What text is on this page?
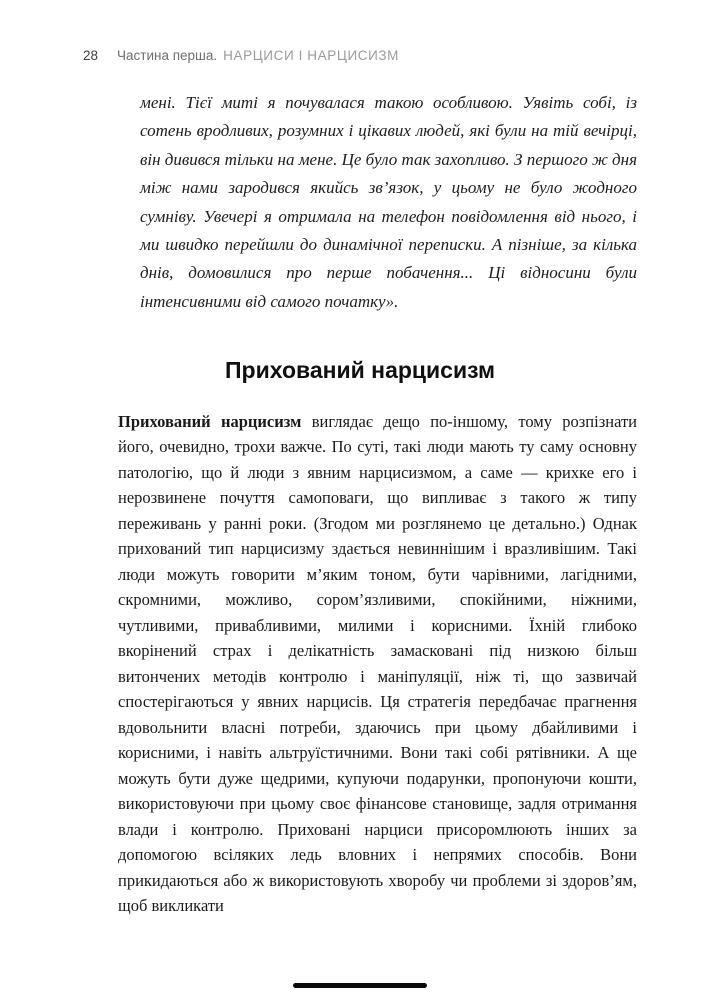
28 Частина перша. НАРЦИСИ І НАРЦИСИЗМ
мені. Тієї миті я почувалася такою особливою. Уявіть собі, із сотень вродливих, розумних і цікавих людей, які були на тій вечірці, він дивився тільки на мене. Це було так захопливо. З першого ж дня між нами зародився якийсь зв’язок, у цьому не було жодного сумніву. Увечері я отримала на телефон повідомлення від нього, і ми швидко перейшли до динамічної переписки. А пізніше, за кілька днів, домовилися про перше побачення... Ці відносини були інтенсивними від самого початку».
Прихований нарцисизм

Прихований нарцисизм виглядає дещо по-іншому, тому розпізнати його, очевидно, трохи важче. По суті, такі люди мають ту саму основну патологію, що й люди з явним нарцисизмом, а саме — крихке его і нерозвинене почуття самоповаги, що випливає з такого ж типу переживань у ранні роки. (Згодом ми розглянемо це детально.) Однак прихований тип нарцисизму здається невиннішим і вразливішим. Такі люди можуть говорити м’яким тоном, бути чарівними, лагідними, скромними, можливо, сором’язливими, спокійними, ніжними, чутливими, привабливими, милими і корисними. Їхній глибоко вкорінений страх і делікатність замасковані під низкою більш витончених методів контролю і маніпуляції, ніж ті, що зазвичай спостерігаються у явних нарцисів. Ця стратегія передбачає прагнення вдовольнити власні потреби, здаючись при цьому дбайливими і корисними, і навіть альтруїстичними. Вони такі собі рятівники. А ще можуть бути дуже щедрими, купуючи подарунки, пропонуючи кошти, використовуючи при цьому своє фінансове становище, задля отримання влади і контролю. Приховані нарциси присоромлюють інших за допомогою всіляких ледь вловних і непрямих способів. Вони прикидаються або ж використовують хворобу чи проблеми зі здоров’ям, щоб викликати
